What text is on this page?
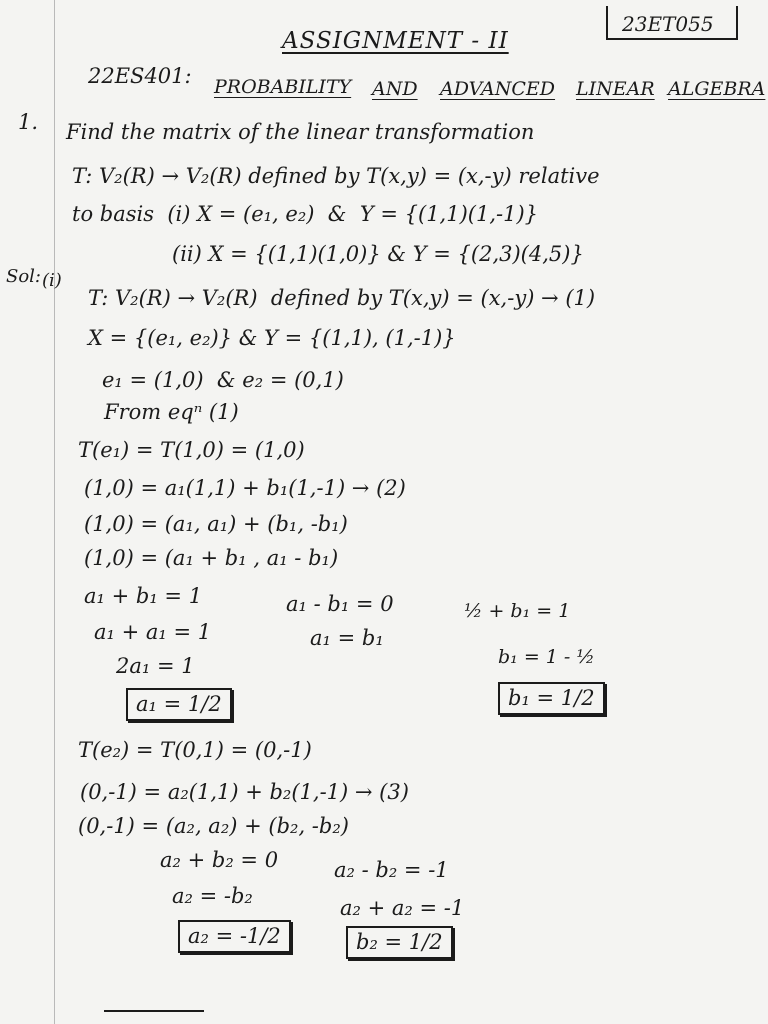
23ET055
ASSIGNMENT - II
22ES401: PROBABILITY AND ADVANCED LINEAR ALGEBRA
1. Find the matrix of the linear transformation
T: V₂(R) → V₂(R) defined by T(x,y) = (x,-y) relative
to basis  (i) X = (e₁, e₂)  &  Y = {(1,1)(1,-1)}
(ii) X = {(1,1)(1,0)} & Y = {(2,3)(4,5)}
Sol: (i)
T: V₂(R) → V₂(R)  defined by T(x,y) = (x,-y) → (1)
X = {(e₁, e₂)} & Y = {(1,1), (1,-1)}
e₁ = (1,0)  & e₂ = (0,1)
From eqⁿ (1)
T(e₁) = T(1,0) = (1,0)
(1,0) = a₁(1,1) + b₁(1,-1) → (2)
(1,0) = (a₁, a₁) + (b₁, -b₁)
(1,0) = (a₁ + b₁ , a₁ - b₁)
a₁ + b₁ = 1
a₁ + a₁ = 1
2a₁ = 1
a₁ = 1/2
a₁ - b₁ = 0
a₁ = b₁
½ + b₁ = 1
b₁ = 1 - ½
b₁ = 1/2
T(e₂) = T(0,1) = (0,-1)
(0,-1) = a₂(1,1) + b₂(1,-1) → (3)
(0,-1) = (a₂, a₂) + (b₂, -b₂)
a₂ + b₂ = 0
a₂ = -b₂
a₂ = -1/2
a₂ - b₂ = -1
a₂ + a₂ = -1
b₂ = 1/2
